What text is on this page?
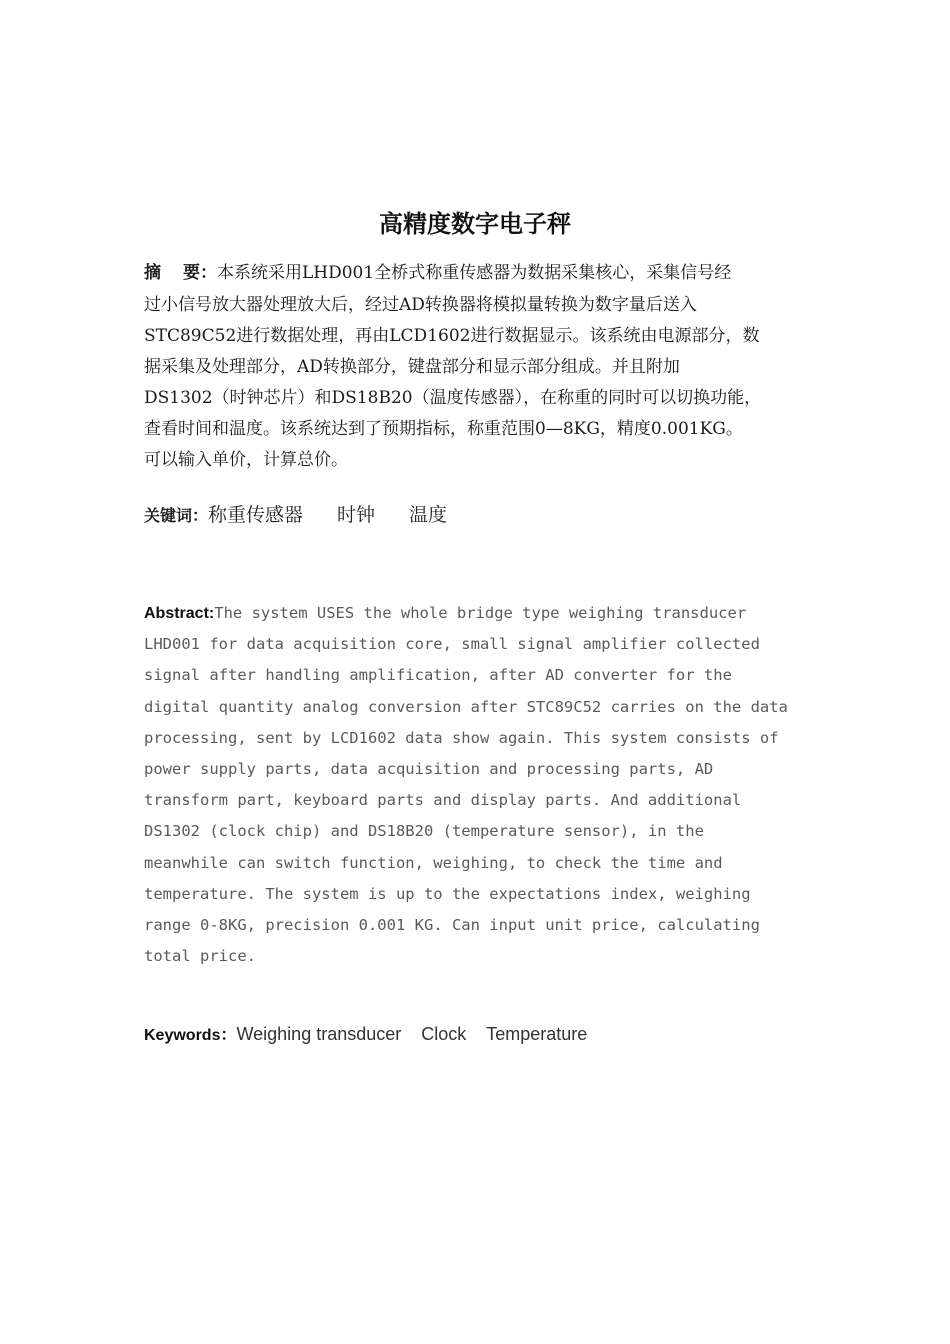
高精度数字电子秤
摘 要：本系统采用LHD001全桥式称重传感器为数据采集核心，采集信号经
过小信号放大器处理放大后，经过AD转换器将模拟量转换为数字量后送入
STC89C52进行数据处理，再由LCD1602进行数据显示。该系统由电源部分，数
据采集及处理部分，AD转换部分，键盘部分和显示部分组成。并且附加
DS1302（时钟芯片）和DS18B20（温度传感器），在称重的同时可以切换功能，
查看时间和温度。该系统达到了预期指标，称重范围0—8KG，精度0.001KG。
可以输入单价，计算总价。
关键词：称重传感器 时钟 温度
Abstract:The system USES the whole bridge type weighing transducer
LHD001 for data acquisition core, small signal amplifier collected
signal after handling amplification, after AD converter for the
digital quantity analog conversion after STC89C52 carries on the data
processing, sent by LCD1602 data show again. This system consists of
power supply parts, data acquisition and processing parts, AD
transform part, keyboard parts and display parts. And additional
DS1302 (clock chip) and DS18B20 (temperature sensor), in the
meanwhile can switch function, weighing, to check the time and
temperature. The system is up to the expectations index, weighing
range 0-8KG, precision 0.001 KG. Can input unit price, calculating
total price.
Keywords：Weighing transducer Clock Temperature
